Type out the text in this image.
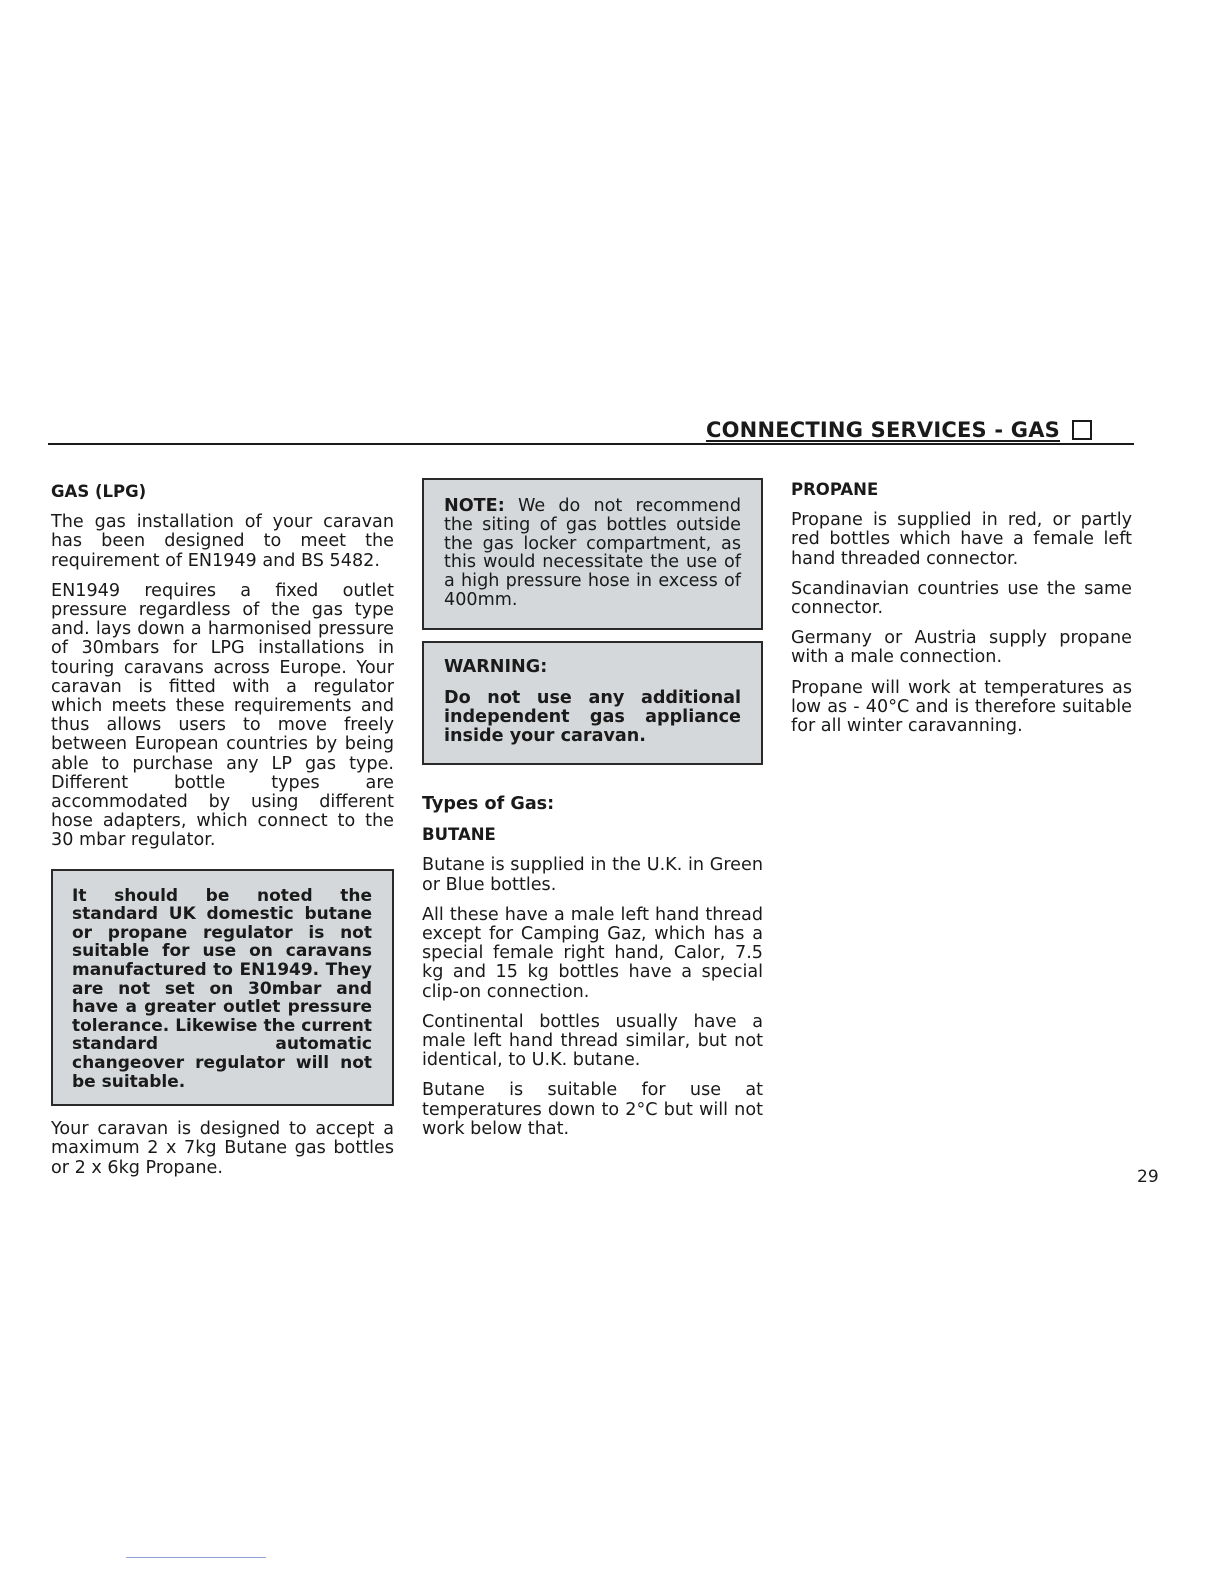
CONNECTING SERVICES - GAS
GAS (LPG)

The gas installation of your caravan has been designed to meet the requirement of EN1949 and BS 5482.

EN1949 requires a fixed outlet pressure regardless of the gas type and. lays down a harmonised pressure of 30mbars for LPG installations in touring caravans across Europe. Your caravan is fitted with a regulator which meets these requirements and thus allows users to move freely between European countries by being able to purchase any LP gas type. Different bottle types are accommodated by using different hose adapters, which connect to the 30 mbar regulator.

It should be noted the standard UK domestic butane or propane regulator is not suitable for use on caravans manufactured to EN1949. They are not set on 30mbar and have a greater outlet pressure tolerance. Likewise the current standard automatic changeover regulator will not be suitable.

Your caravan is designed to accept a maximum 2 x 7kg Butane gas bottles or 2 x 6kg Propane.

NOTE: We do not recommend the siting of gas bottles outside the gas locker compartment, as this would necessitate the use of a high pressure hose in excess of 400mm.
WARNING:
Do not use any additional independent gas appliance inside your caravan.
Types of Gas:
BUTANE

Butane is supplied in the U.K. in Green or Blue bottles.

All these have a male left hand thread except for Camping Gaz, which has a special female right hand, Calor, 7.5 kg and 15 kg bottles have a special clip-on connection.

Continental bottles usually have a male left hand thread similar, but not identical, to U.K. butane.

Butane is suitable for use at temperatures down to 2°C but will not work below that.

PROPANE

Propane is supplied in red, or partly red bottles which have a female left hand threaded connector.

Scandinavian countries use the same connector.

Germany or Austria supply propane with a male connection.

Propane will work at temperatures as low as - 40°C and is therefore suitable for all winter caravanning.

29
